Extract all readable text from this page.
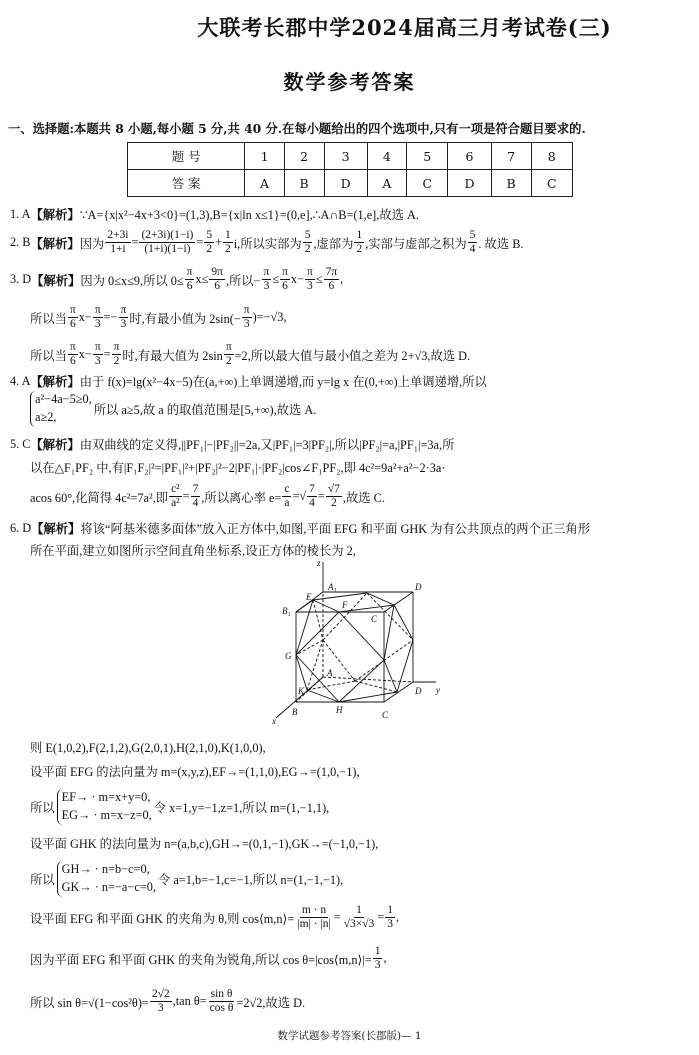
大联考长郡中学2024届高三月考试卷(三)
数学参考答案
一、选择题:本题共 8 小题,每小题 5 分,共 40 分.在每小题给出的四个选项中,只有一项是符合题目要求的.
题 号	1	2	3	4	5	6	7	8
答 案	A	B	D	A	C	D	B	C
1. A 【解析】 ∵A={x|x²−4x+3<0}=(1,3),B={x|ln x≤1}=(0,e],∴A∩B=(1,e],故选 A.
2. B 【解析】 因为 $\frac{2+3i}{1+i} = \frac{(2+3i)(1-i)}{(1+i)(1-i)} = \frac{5}{2} + \frac{1}{2} i$,所以实部为 $\frac{5}{2}$ ,虚部为 $\frac{1}{2}$ ,实部与虚部之积为 $\frac{5}{4}$ . 故选 B.
3. D 【解析】 因为 0≤x≤9,所以 $0\le \frac{\pi}{6} x\le \frac{9\pi}{6}$ ,所以− $\frac{\pi}{3} \le \frac{\pi}{6} x- \frac{\pi}{3} \le \frac{7\pi}{6}$ ,
所以当 $\frac{\pi}{6} x- \frac{\pi}{3} =- \frac{\pi}{3}$ 时,有最小值为 $2\sin(- \frac{\pi}{3} )=-√3$,
所以当 $\frac{\pi}{6} x- \frac{\pi}{3} = \frac{\pi}{2}$ 时,有最大值为 $2\sin \frac{\pi}{2} =2$,所以最大值与最小值之差为 2+√3,故选 D.
4. A 【解析】 由于 f(x)=lg(x²−4x−5)在(a,+∞)上单调递增,而 y=lg x 在(0,+∞)上单调递增,所以
a²−4a−5≥0,
a≥2,	所以 a≥5,故 a 的取值范围是[5,+∞),故选 A.
5. C 【解析】 由双曲线的定义得,||PF₁|−|PF₂||=2a,又|PF₁|=3|PF₂|,所以|PF₂|=a,|PF₁|=3a,所
以在△F₁PF₂ 中,有|F₁F₂|²=|PF₁|²+|PF₂|²−2|PF₁|·|PF₂|cos∠F₁PF₂,即 4c²=9a²+a²−2·3a·
acos 60°,化简得 4c²=7a²,即 $\frac{\text{c²}}{\text{a²}} = \frac{7}{4}$ ,所以离心率 $e= \frac{c}{a}$ =√ $\frac{7}{4} = \frac{√7}{2}$ ,故选 C.
6. D 【解析】 将该“阿基米德多面体”放入正方体中,如图,平面 EFG 和平面 GHK 为有公共顶点的两个正三角形
所在平面,建立如图所示空间直角坐标系,设正方体的棱长为 2,
则 E(1,0,2),F(2,1,2),G(2,0,1),H(2,1,0),K(1,0,0),
设平面 EFG 的法向量为 m=(x,y,z),EF→=(1,1,0),EG→=(1,0,−1),
所以
EF→ · m=x+y=0,
EG→ · m=x−z=0, 令 x=1,y=−1,z=1,所以 m=(1,−1,1),
设平面 GHK 的法向量为 n=(a,b,c),GH→=(0,1,−1),GK→=(−1,0,−1),
所以
GH→ · n=b−c=0,
GK→ · n=−a−c=0, 令 a=1,b=−1,c=−1,所以 n=(1,−1,−1),
设平面 EFG 和平面 GHK 的夹角为 θ,则 cos⟨m,n⟩= $\frac{m \cdot n}{|m| \cdot |n|} = \frac{1}{√3\times√3} = \frac{1}{3}$ ,
因为平面 EFG 和平面 GHK 的夹角为锐角,所以 cos θ=|cos⟨m,n⟩|= $\frac{1}{3}$ ,
所以 $\sin \theta=√(1-\cos^2\theta)= \frac{2√2}{3} ,\tan$ $\theta= \frac{\text{sin θ}}{\text{cos θ}} =2√2$,故选 D.
z
A₁	D
E
F
B₁
C
G
A
K	D y
B	H	C
x
数学试题参考答案(长郡版)— 1
